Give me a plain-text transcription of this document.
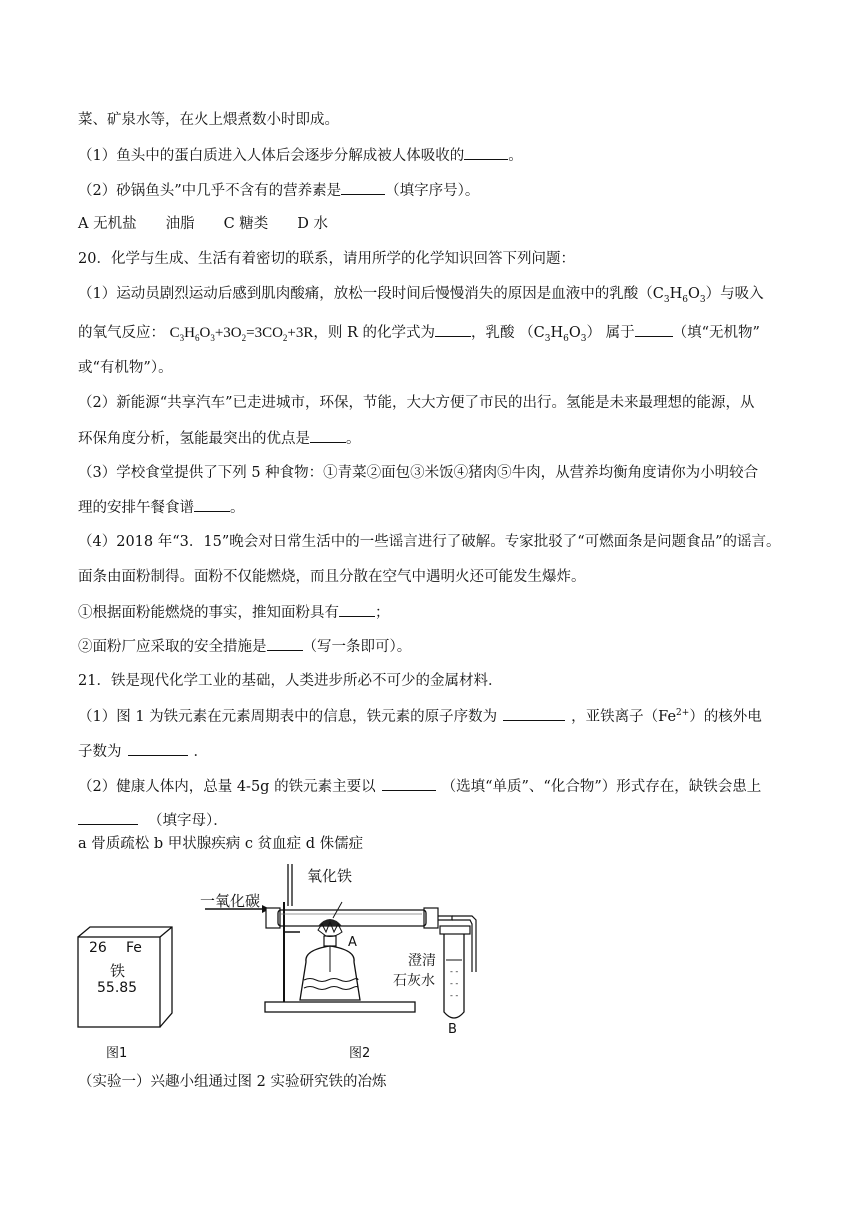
菜、矿泉水等，在火上煨煮数小时即成。
（1）鱼头中的蛋白质进入人体后会逐步分解成被人体吸收的	。
（2）砂锅鱼头”中几乎不含有的营养素是	（填字序号）。
A 无机盐　　油脂　　C 糖类　　D 水
20．化学与生成、生活有着密切的联系，请用所学的化学知识回答下列问题：
（1）运动员剧烈运动后感到肌肉酸痛，放松一段时间后慢慢消失的原因是血液中的乳酸$(C_3H_6O_3)$与吸入
的氧气反应： $C_3H_6O_3+3O_2=3CO_2+3R$，则 R 的化学式为 ，乳酸 $(C_3H_6O_3)$ 属于	（填“无机物”
或“有机物”）。
（2）新能源“共享汽车”已走进城市，环保，节能，大大方便了市民的出行。氢能是未来最理想的能源，从
环保角度分析，氢能最突出的优点是 。
（3）学校食堂提供了下列 5 种食物：①青菜②面包③米饭④猪肉⑤牛肉，从营养均衡角度请你为小明较合
理的安排午餐食谱 。
（4）2018 年“3．15”晚会对日常生活中的一些谣言进行了破解。专家批驳了“可燃面条是问题食品”的谣言。
面条由面粉制得。面粉不仅能燃烧，而且分散在空气中遇明火还可能发生爆炸。
①根据面粉能燃烧的事实，推知面粉具有 ；
②面粉厂应采取的安全措施是 （写一条即可）。
21．铁是现代化学工业的基础，人类进步所必不可少的金属材料．
（1）图 1 为铁元素在元素周期表中的信息，铁元素的原子序数为	，亚铁离子$(Fe^{2+})$的核外电
子数为	．
（2）健康人体内，总量 4-5g 的铁元素主要以	（选填“单质”、“化合物”）形式存在，缺铁会患上
（填字母）．
a 骨质疏松 b 甲状腺疾病 c 贫血症 d 侏儒症
（实验一）兴趣小组通过图 2 实验研究铁的冶炼
26 Fe
铁
55.85
图1
- -
- -
- -
一氧化碳
氧化铁
A
澄清
石灰水
B
图2
